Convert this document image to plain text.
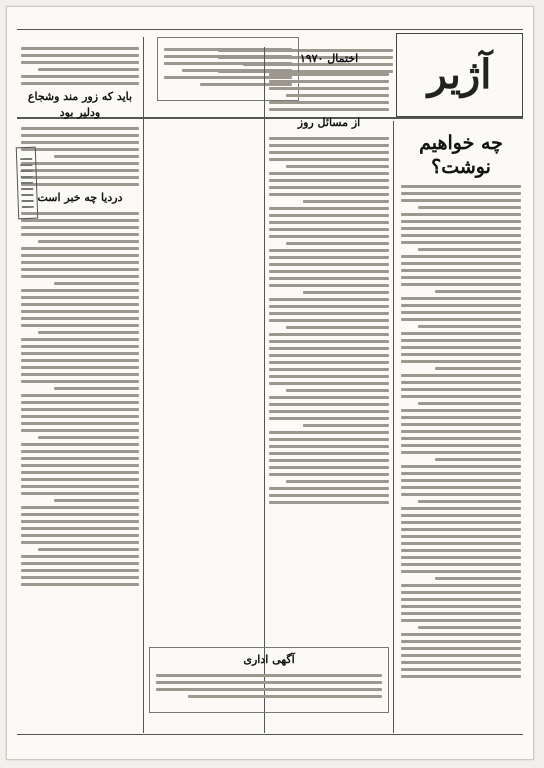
آژیر
چه خواهیم نوشت؟
اختمال ۱۹۷۰
از مسائل روز
آگهی اداری
باید که زور مند وشجاع ودلیر بود
دردیا چه خبر است
